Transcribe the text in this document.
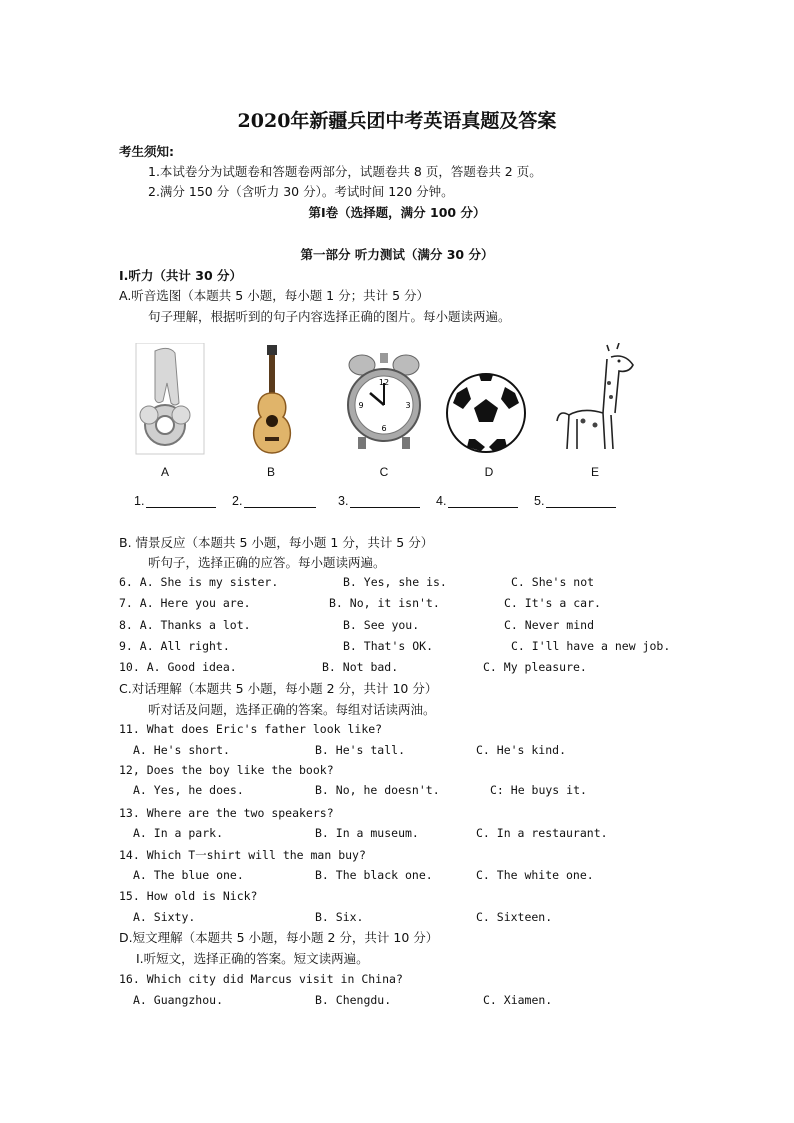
2020年新疆兵团中考英语真题及答案
考生须知:
1.本试卷分为试题卷和答题卷两部分，试题卷共 8 页，答题卷共 2 页。
2.满分 150 分（含听力 30 分）。考试时间 120 分钟。
第Ⅰ卷（选择题，满分 100 分）
第一部分 听力测试（满分 30 分）
I.听力（共计 30 分）
A.听音选图（本题共 5 小题，每小题 1 分；共计 5 分）
句子理解，根据听到的句子内容选择正确的图片。每小题读两遍。
12
3
6
9
A	B	C	D	E
1.	2.	3.	4.	5.
B. 情景反应（本题共 5 小题，每小题 1 分，共计 5 分）
听句子，选择正确的应答。每小题读两遍。
6. A. She is my sister.	B. Yes, she is.	C. She's not
7. A. Here you are.	B. No, it isn't.	C. It's a car.
8. A. Thanks a lot.	B. See you.	C. Never mind
9. A. All right.	B. That's OK.	C. I'll have a new job.
10. A. Good idea.	B. Not bad.	C. My pleasure.
C.对话理解（本题共 5 小题，每小题 2 分，共计 10 分）
听对话及问题，选择正确的答案。每组对话读两油。
11. What does Eric's father look like?
A. He's short.	B. He's tall.	C. He's kind.
12, Does the boy like the book?
A. Yes, he does.	B. No, he doesn't.	C: He buys it.
13. Where are the two speakers?
A. In a park.	B. In a museum.	C. In a restaurant.
14. Which T一shirt will the man buy?
A. The blue one.	B. The black one.	C. The white one.
15. How old is Nick?
A. Sixty.	B. Six.	C. Sixteen.
D.短文理解（本题共 5 小题，每小题 2 分，共计 10 分）
Ⅰ.听短文，选择正确的答案。短文读两遍。
16. Which city did Marcus visit in China?
A. Guangzhou.	B. Chengdu.	C. Xiamen.
